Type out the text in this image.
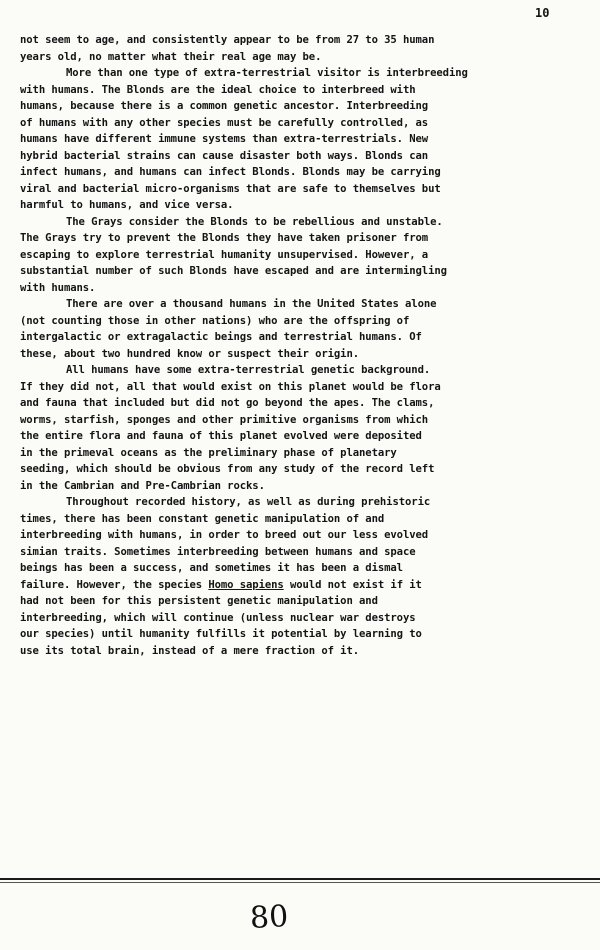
10
not seem to age, and consistently appear to be from 27 to 35 human
years old, no matter what their real age may be.
More than one type of extra-terrestrial visitor is interbreeding
with humans. The Blonds are the ideal choice to interbreed with
humans, because there is a common genetic ancestor. Interbreeding
of humans with any other species must be carefully controlled, as
humans have different immune systems than extra-terrestrials. New
hybrid bacterial strains can cause disaster both ways. Blonds can
infect humans, and humans can infect Blonds. Blonds may be carrying
viral and bacterial micro-organisms that are safe to themselves but
harmful to humans, and vice versa.
The Grays consider the Blonds to be rebellious and unstable.
The Grays try to prevent the Blonds they have taken prisoner from
escaping to explore terrestrial humanity unsupervised. However, a
substantial number of such Blonds have escaped and are intermingling
with humans.
There are over a thousand humans in the United States alone
(not counting those in other nations) who are the offspring of
intergalactic or extragalactic beings and terrestrial humans. Of
these, about two hundred know or suspect their origin.
All humans have some extra-terrestrial genetic background.
If they did not, all that would exist on this planet would be flora
and fauna that included but did not go beyond the apes. The clams,
worms, starfish, sponges and other primitive organisms from which
the entire flora and fauna of this planet evolved were deposited
in the primeval oceans as the preliminary phase of planetary
seeding, which should be obvious from any study of the record left
in the Cambrian and Pre-Cambrian rocks.
Throughout recorded history, as well as during prehistoric
times, there has been constant genetic manipulation of and
interbreeding with humans, in order to breed out our less evolved
simian traits. Sometimes interbreeding between humans and space
beings has been a success, and sometimes it has been a dismal
failure. However, the species Homo sapiens would not exist if it
had not been for this persistent genetic manipulation and
interbreeding, which will continue (unless nuclear war destroys
our species) until humanity fulfills it potential by learning to
use its total brain, instead of a mere fraction of it.
80
